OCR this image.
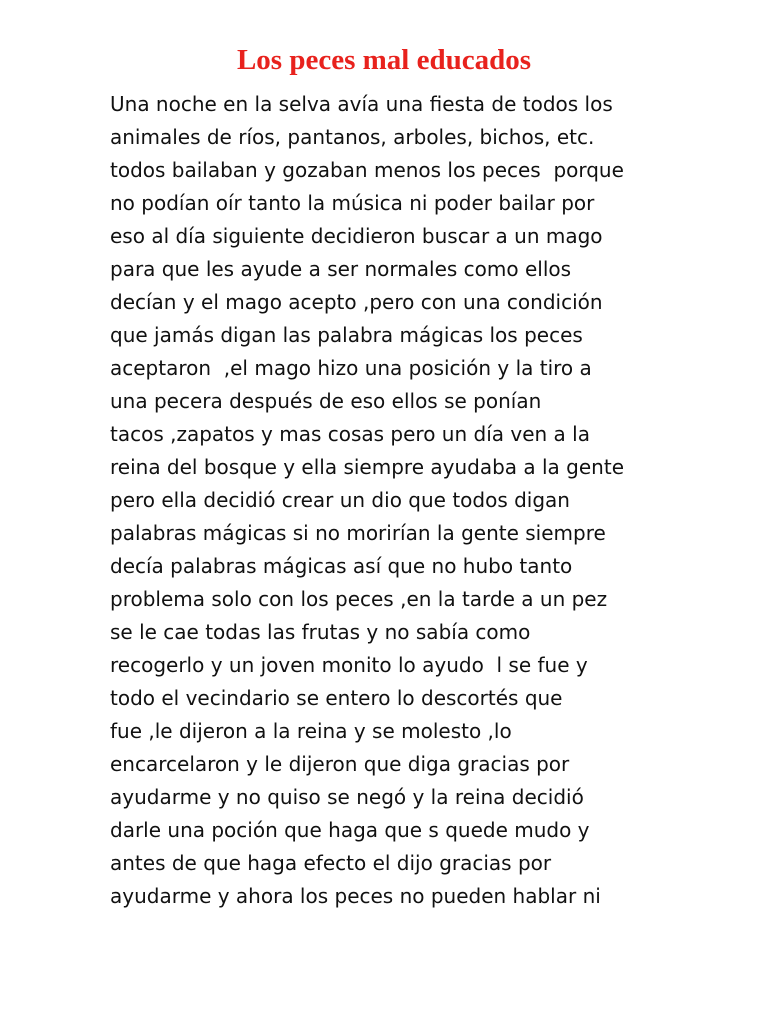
Los peces mal educados
Una noche en la selva avía una fiesta de todos los
animales de ríos, pantanos, arboles, bichos, etc.
todos bailaban y gozaban menos los peces  porque
no podían oír tanto la música ni poder bailar por
eso al día siguiente decidieron buscar a un mago
para que les ayude a ser normales como ellos
decían y el mago acepto ,pero con una condición
que jamás digan las palabra mágicas los peces
aceptaron  ,el mago hizo una posición y la tiro a
una pecera después de eso ellos se ponían
tacos ,zapatos y mas cosas pero un día ven a la
reina del bosque y ella siempre ayudaba a la gente
pero ella decidió crear un dio que todos digan
palabras mágicas si no morirían la gente siempre
decía palabras mágicas así que no hubo tanto
problema solo con los peces ,en la tarde a un pez
se le cae todas las frutas y no sabía como
recogerlo y un joven monito lo ayudo  l se fue y
todo el vecindario se entero lo descortés que
fue ,le dijeron a la reina y se molesto ,lo
encarcelaron y le dijeron que diga gracias por
ayudarme y no quiso se negó y la reina decidió
darle una poción que haga que s quede mudo y
antes de que haga efecto el dijo gracias por
ayudarme y ahora los peces no pueden hablar ni
